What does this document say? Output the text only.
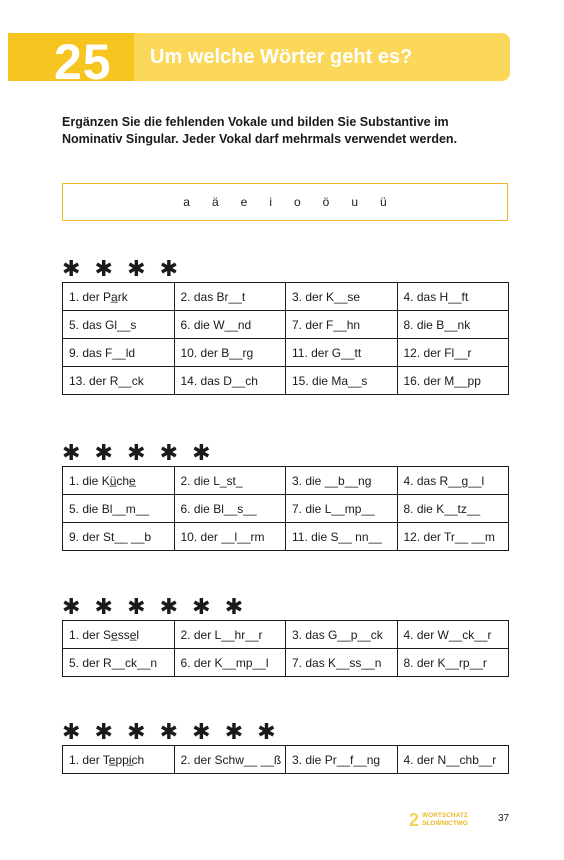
25 Um welche Wörter geht es?
Ergänzen Sie die fehlenden Vokale und bilden Sie Substantive im Nominativ Singular. Jeder Vokal darf mehrmals verwendet werden.
a ä e i o ö u ü
✱ ✱ ✱ ✱
1. der Pa̲rk	2. das Br__t	3. der K__se	4. das H__ft
5. das Gl__s	6. die W__nd	7. der F__hn	8. die B__nk
9. das F__ld	10. der B__rg	11. der G__tt	12. der Fl__r
13. der R__ck	14. das D__ch	15. die Ma__s	16. der M__pp
✱ ✱ ✱ ✱ ✱
1. die Kü̲che̲	2. die L_st_	3. die __b__ng	4. das R__g__l
5. die Bl__m__	6. die Bl__s__	7. die L__mp__	8. die K__tz__
9. der St__ __b	10. der __l__rm	11. die S__ nn__	12. der Tr__ __m
✱ ✱ ✱ ✱ ✱ ✱
1. der Se̲sse̲l	2. der L__hr__r	3. das G__p__ck	4. der W__ck__r
5. der R__ck__n	6. der K__mp__l	7. das K__ss__n	8. der K__rp__r
✱ ✱ ✱ ✱ ✱ ✱ ✱
1. der Te̲ppi̲ch	2. der Schw__ __ß	3. die Pr__f__ng	4. der N__chb__r
2 WORTSCHATZ
SŁOWNICTWO	37
